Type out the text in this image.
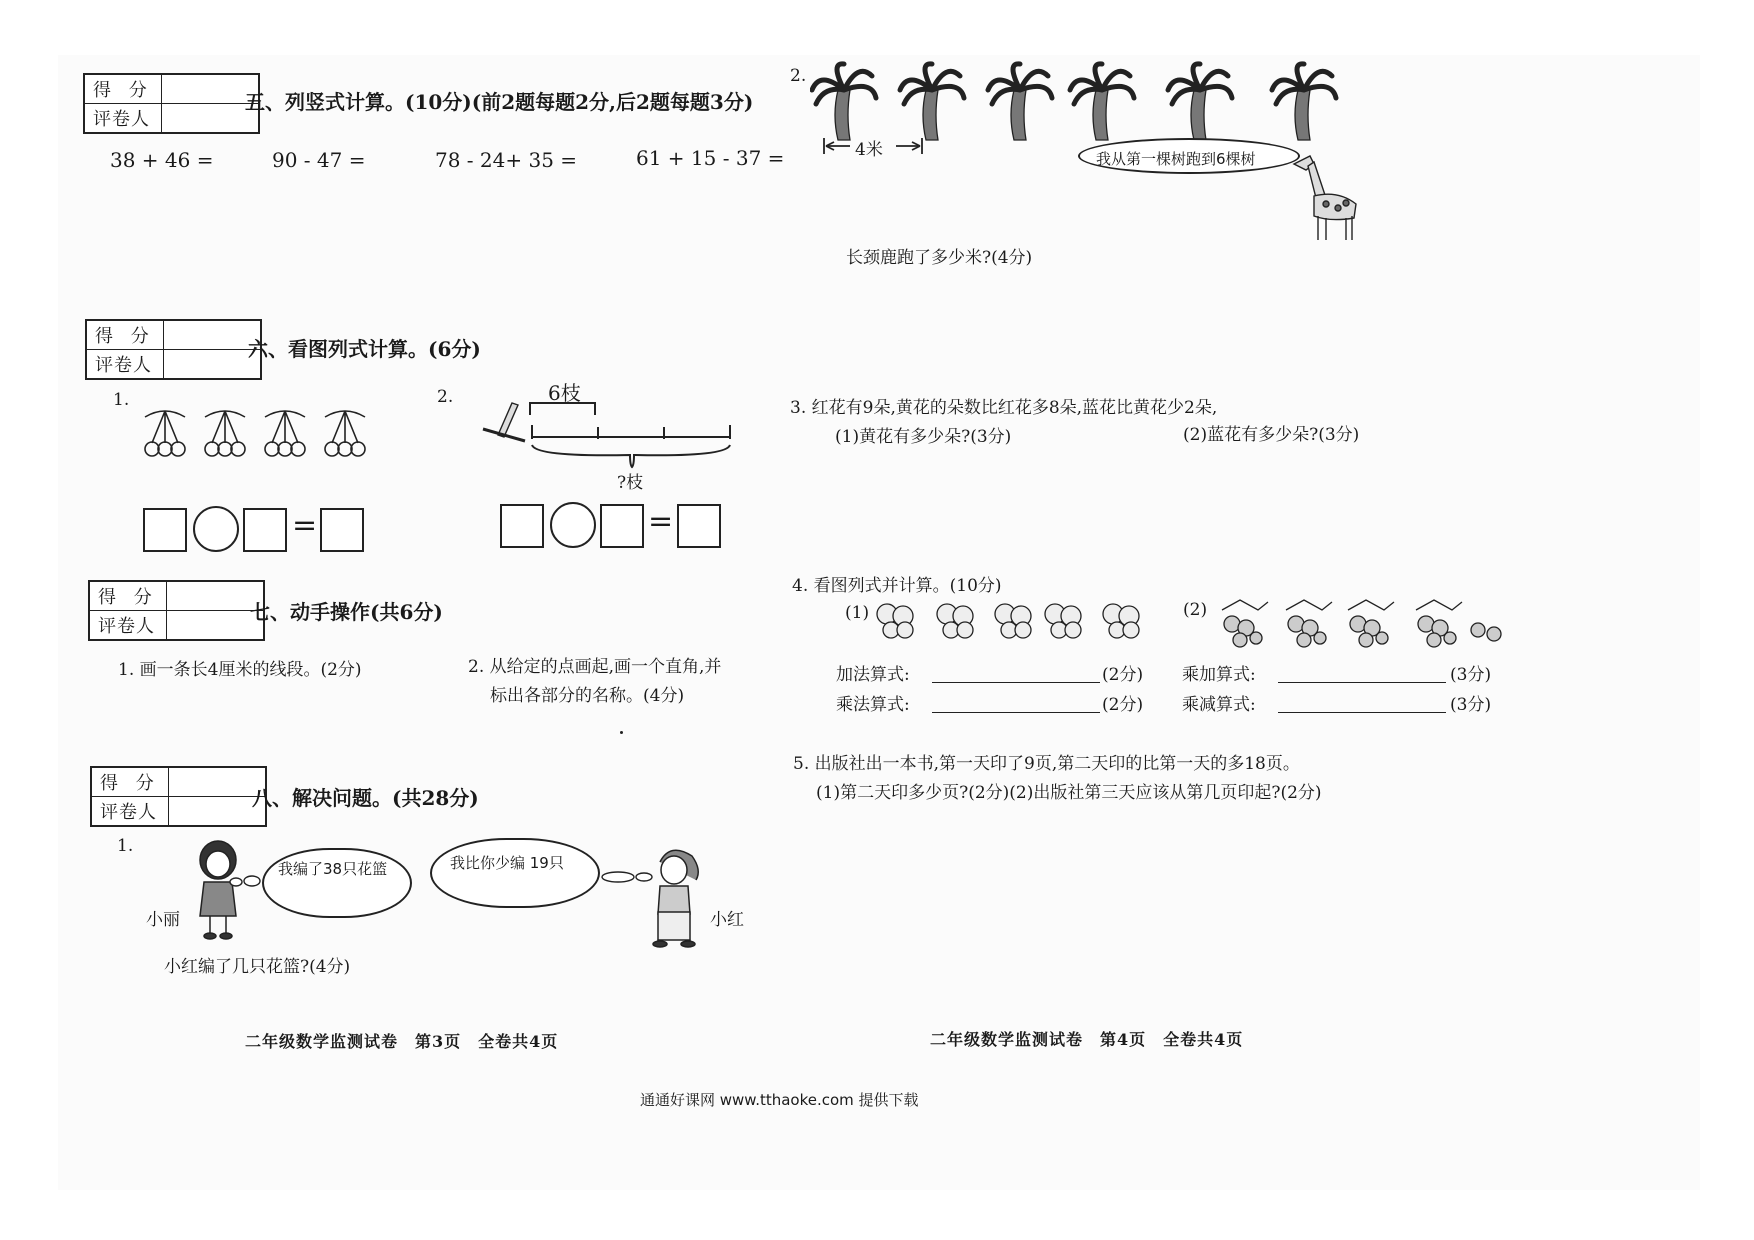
得 分	
评卷人	
五、列竖式计算。(10分)(前2题每题2分,后2题每题3分)
38 + 46 =	90 - 47 =	78 - 24+ 35 =	61 + 15 - 37 =
得 分	
评卷人	
六、看图列式计算。(6分)
1.	2.
=
6枝
?枝
=
得 分	
评卷人	
七、动手操作(共6分)
1. 画一条长4厘米的线段。(2分)	2. 从给定的点画起,画一个直角,并
标出各部分的名称。(4分)
得 分	
评卷人	
八、解决问题。(共28分)
1.
小丽
我编了38只花篮	我比你少编 19只
小红
小红编了几只花篮?(4分)
二年级数学监测试卷　第3页　全卷共4页
2.
4米	我从第一棵树跑到6棵树
长颈鹿跑了多少米?(4分)
3. 红花有9朵,黄花的朵数比红花多8朵,蓝花比黄花少2朵,
(1)黄花有多少朵?(3分)	(2)蓝花有多少朵?(3分)
4. 看图列式并计算。(10分)
(1)	(2)
加法算式:	(2分) 乘加算式:	(3分)
乘法算式:	(2分) 乘减算式:	(3分)
5. 出版社出一本书,第一天印了9页,第二天印的比第一天的多18页。
(1)第二天印多少页?(2分)(2)出版社第三天应该从第几页印起?(2分)
二年级数学监测试卷　第4页　全卷共4页
通通好课网 www.tthaoke.com 提供下载
